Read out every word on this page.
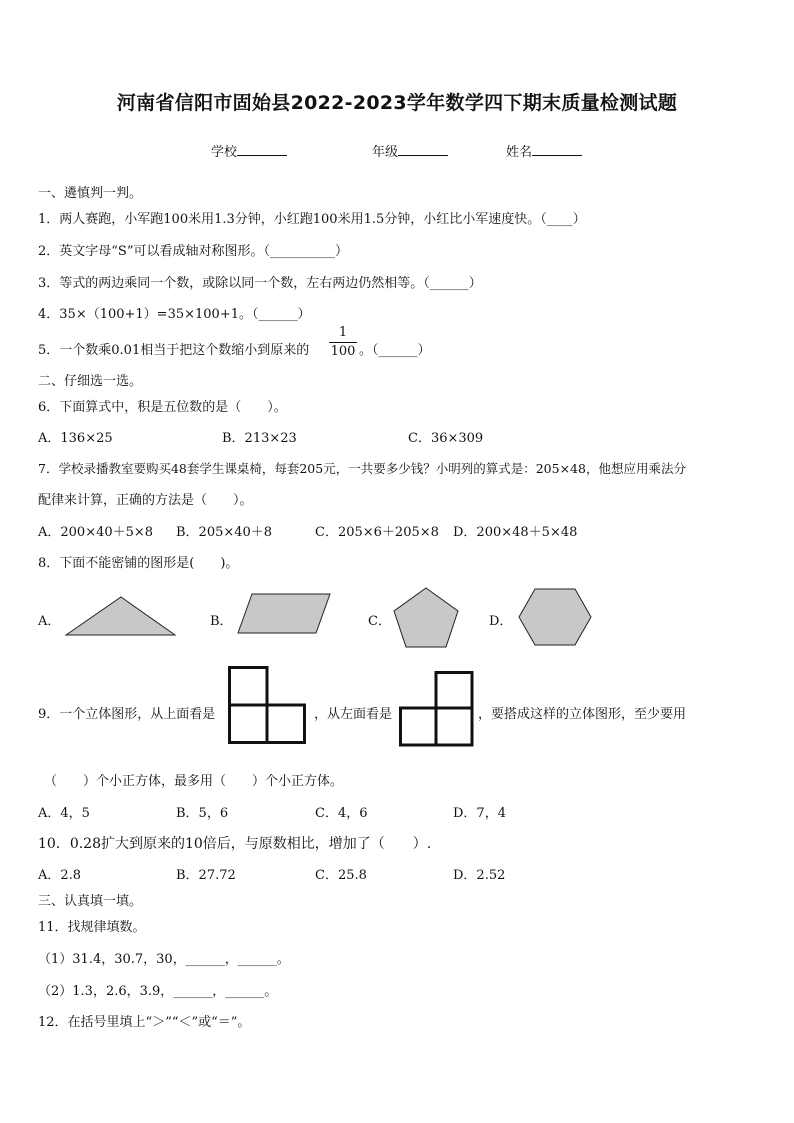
河南省信阳市固始县2022-2023学年数学四下期末质量检测试题
学校	年级	姓名
一、遴慎判一判。
1．两人赛跑，小军跑100米用1.3分钟，小红跑100米用1.5分钟，小红比小军速度快。（____）
2．英文字母“S”可以看成轴对称图形。（__________）
3．等式的两边乘同一个数，或除以同一个数，左右两边仍然相等。（______）
4．35×（100+1）=35×100+1。（______）
5．一个数乘0.01相当于把这个数缩小到原来的 $\frac{1}{100}$ 。（______）
二、仔细选一选。
6．下面算式中，积是五位数的是（　　）。
A．136×25	B．213×23	C．36×309
7．学校录播教室要购买48套学生课桌椅，每套205元，一共要多少钱？小明列的算式是：205×48，他想应用乘法分
配律来计算，正确的方法是（　　）。
A．200×40＋5×8 B．205×40＋8	C．205×6＋205×8 D．200×48＋5×48
8．下面不能密铺的图形是(　　)。
A．	B．	C．	D．
9．一个立体图形，从上面看是	，从左面看是	，要搭成这样的立体图形，至少要用
（　　）个小正方体，最多用（　　）个小正方体。
A．4，5	B．5，6	C．4，6	D．7，4
10．0.28扩大到原来的10倍后，与原数相比，增加了（　　）.
A．2.8	B．27.72	C．25.8	D．2.52
三、认真填一填。
11．找规律填数。
（1）31.4，30.7，30，______，______。
（2）1.3，2.6，3.9，______，______。
12．在括号里填上“＞”“＜”或“＝”。
